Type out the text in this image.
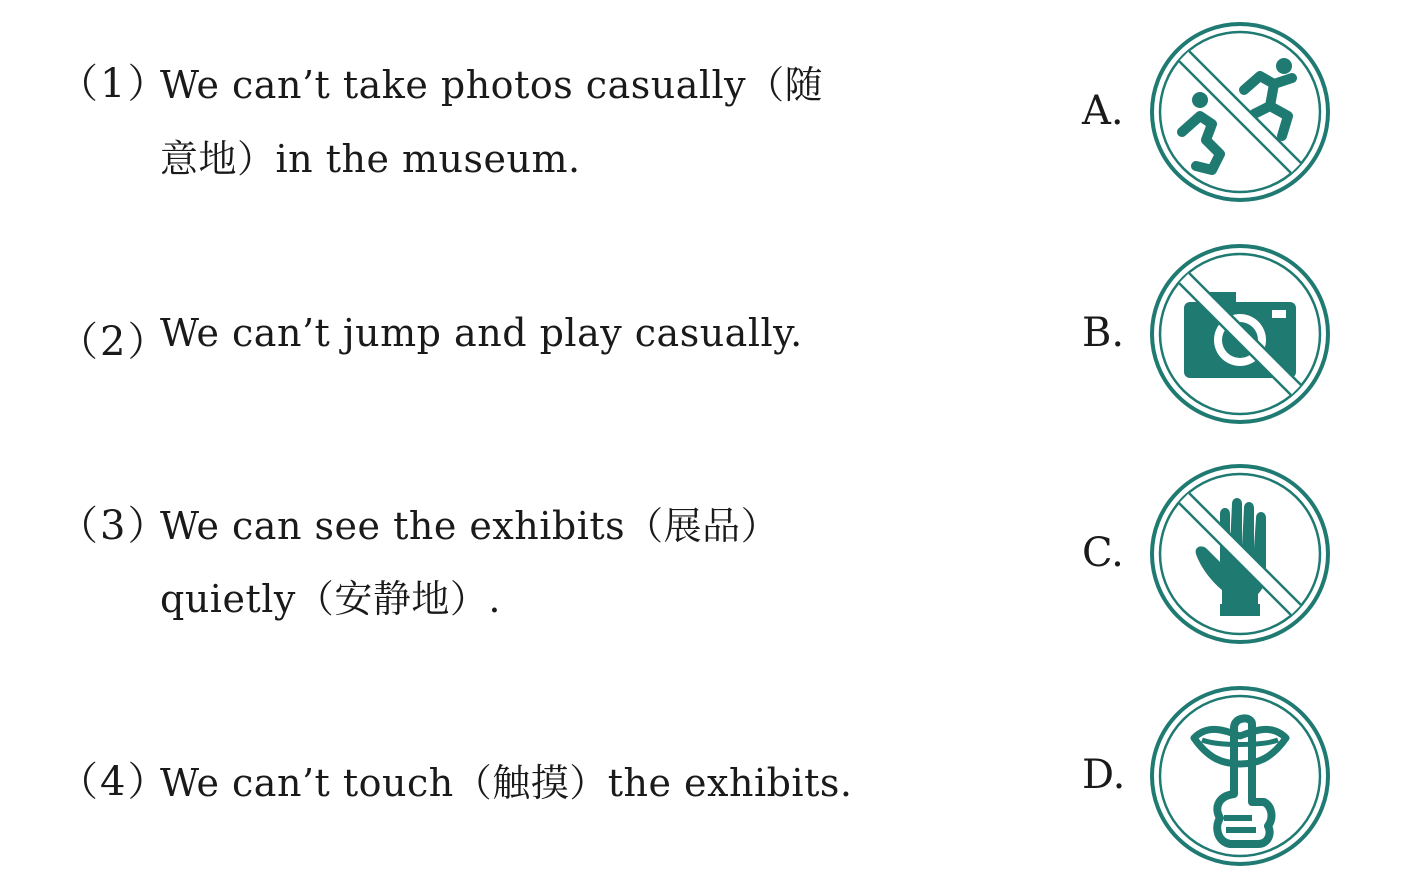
（1）
We can’t take photos casually（随
意地）in the museum.
（2）
We can’t jump and play casually.
（3）
We can see the exhibits（展品）
quietly（安静地）.
（4）
We can’t touch（触摸）the exhibits.
A.
B.
C.
D.
